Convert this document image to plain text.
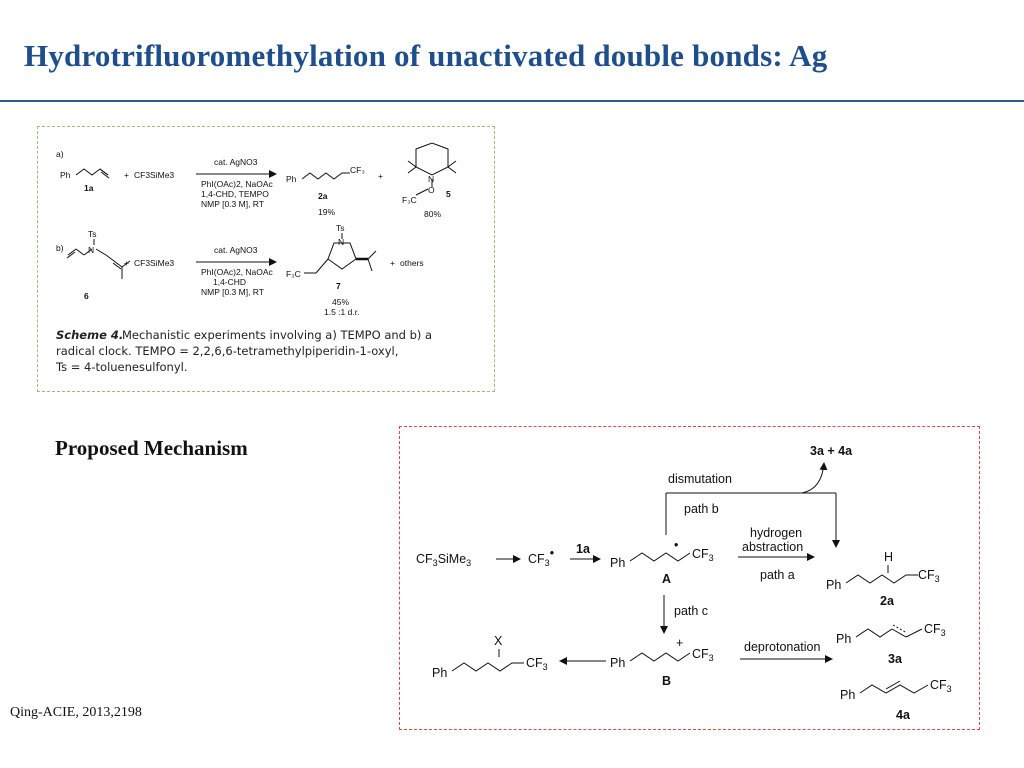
Hydrotrifluoromethylation of unactivated double bonds: Ag
a)
Ph	+ CF3SiMe3
1a
cat. AgNO3
PhI(OAc)2, NaOAc
1,4-CHD, TEMPO
NMP [0.3 M], RT
Ph
CF₃
2a
19%
+	N
O
F₃C
5
80%
b)
Ts
N
+ CF3SiMe3
6
cat. AgNO3
PhI(OAc)2, NaOAc
1,4-CHD
NMP [0.3 M], RT
Ts
N
F₃C
7
45%
1.5 :1 d.r.
+ others
Scheme 4.
Mechanistic experiments involving a) TEMPO and b) a
radical clock. TEMPO = 2,2,6,6-tetramethylpiperidin-1-oxyl,
Ts = 4-toluenesulfonyl.
Proposed Mechanism	3a + 4a
dismutation
path b
$CF_3SiMe_3$	$CF_3•$ 1a
Ph
•
$CF_3$
A
hydrogen
abstraction
path a
H
Ph
$CF_3$
2a
path c
Ph
+
$CF_3$
B
X
Ph
$CF_3$
deprotonation
Ph
$CF_3$
3a
Ph
$CF_3$
4a
Qing-ACIE, 2013,2198
